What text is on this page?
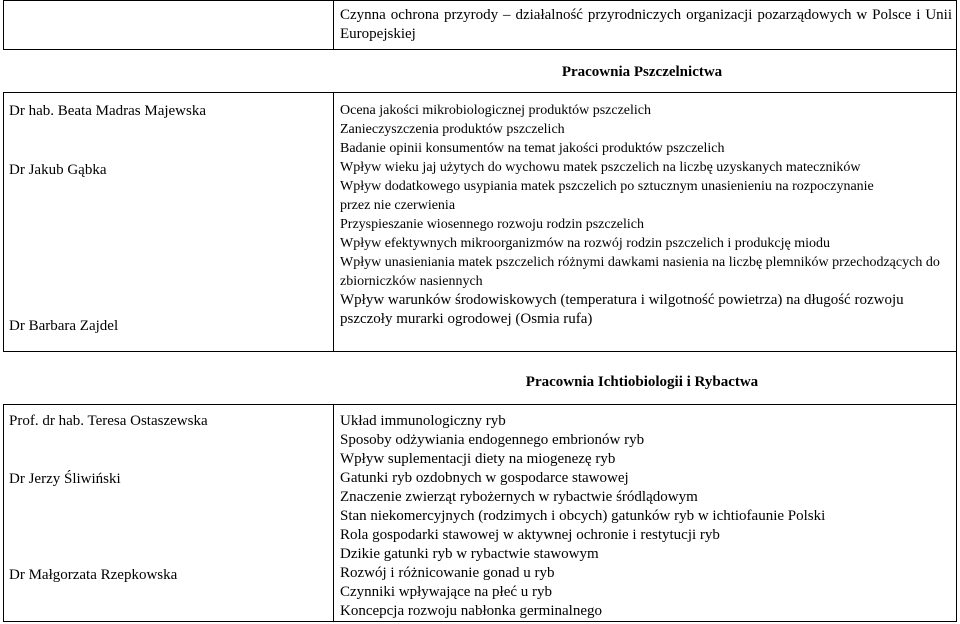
Czynna ochrona przyrody – działalność przyrodniczych organizacji pozarządowych w Polsce i Unii Europejskiej
Pracownia Pszczelnictwa
Dr hab. Beata Madras Majewska
Dr Jakub Gąbka
Dr Barbara Zajdel
Ocena jakości mikrobiologicznej produktów pszczelich
Zanieczyszczenia produktów pszczelich
Badanie opinii konsumentów na temat jakości produktów pszczelich
Wpływ wieku jaj użytych do wychowu matek pszczelich na liczbę uzyskanych mateczników
Wpływ dodatkowego usypiania matek pszczelich po sztucznym unasienieniu na rozpoczynanie przez nie czerwienia
Przyspieszanie wiosennego rozwoju rodzin pszczelich
Wpływ efektywnych mikroorganizmów na rozwój rodzin pszczelich i produkcję miodu
Wpływ unasieniania matek pszczelich różnymi dawkami nasienia na liczbę plemników przechodzących do zbiorniczków nasiennych
Wpływ warunków środowiskowych (temperatura i wilgotność powietrza) na długość rozwoju pszczoły murarki ogrodowej (Osmia rufa)
Pracownia Ichtiobiologii i Rybactwa
Prof. dr hab. Teresa Ostaszewska
Dr Jerzy Śliwiński
Dr Małgorzata Rzepkowska
Układ immunologiczny ryb
Sposoby odżywiania endogennego embrionów ryb
Wpływ suplementacji diety na miogenezę ryb
Gatunki ryb ozdobnych w gospodarce stawowej
Znaczenie zwierząt rybożernych w rybactwie śródlądowym
Stan niekomercyjnych (rodzimych i obcych) gatunków ryb w ichtiofaunie Polski
Rola gospodarki stawowej w aktywnej ochronie i restytucji ryb
Dzikie gatunki ryb w rybactwie stawowym
Rozwój i różnicowanie gonad u ryb
Czynniki wpływające na płeć u ryb
Koncepcja rozwoju nabłonka germinalnego
